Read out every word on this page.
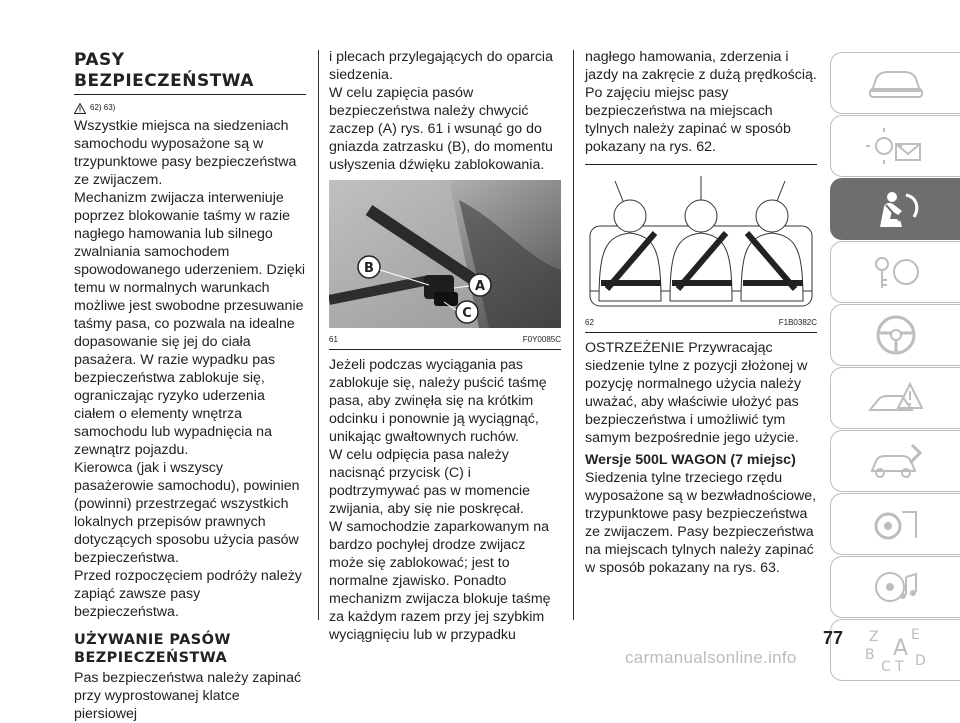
PASY
BEZPIECZEŃSTWA
62) 63)

Wszystkie miejsca na siedzeniach samochodu wyposażone są w trzypunktowe pasy bezpieczeństwa ze zwijaczem.

Mechanizm zwijacza interweniuje poprzez blokowanie taśmy w razie nagłego hamowania lub silnego zwalniania samochodem spowodowanego uderzeniem. Dzięki temu w normalnych warunkach możliwe jest swobodne przesuwanie taśmy pasa, co pozwala na idealne dopasowanie się jej do ciała pasażera. W razie wypadku pas bezpieczeństwa zablokuje się, ograniczając ryzyko uderzenia ciałem o elementy wnętrza samochodu lub wypadnięcia na zewnątrz pojazdu.

Kierowca (jak i wszyscy pasażerowie samochodu), powinien (powinni) przestrzegać wszystkich lokalnych przepisów prawnych dotyczących sposobu użycia pasów bezpieczeństwa.

Przed rozpoczęciem podróży należy zapiąć zawsze pasy bezpieczeństwa.

UŻYWANIE PASÓW
BEZPIECZEŃSTWA

Pas bezpieczeństwa należy zapinać przy wyprostowanej klatce piersiowej

i plecach przylegających do oparcia siedzenia.

W celu zapięcia pasów bezpieczeństwa należy chwycić zaczep (A) rys. 61 i wsunąć go do gniazda zatrzasku (B), do momentu usłyszenia dźwięku zablokowania.

B
A
C
61	F0Y0085C

Jeżeli podczas wyciągania pas zablokuje się, należy puścić taśmę pasa, aby zwinęła się na krótkim odcinku i ponownie ją wyciągnąć, unikając gwałtownych ruchów.

W celu odpięcia pasa należy nacisnąć przycisk (C) i podtrzymywać pas w momencie zwijania, aby się nie poskręcał.

W samochodzie zaparkowanym na bardzo pochyłej drodze zwijacz może się zablokować; jest to normalne zjawisko. Ponadto mechanizm zwijacza blokuje taśmę za każdym razem przy jej szybkim wyciągnięciu lub w przypadku

nagłego hamowania, zderzenia i jazdy na zakręcie z dużą prędkością.

Po zajęciu miejsc pasy bezpieczeństwa na miejscach tylnych należy zapinać w sposób pokazany na rys. 62.

62	F1B0382C

OSTRZEŻENIE Przywracając siedzenie tylne z pozycji złożonej w pozycję normalnego użycia należy uważać, aby właściwie ułożyć pas bezpieczeństwa i umożliwić tym samym bezpośrednie jego użycie.

Wersje 500L WAGON (7 miejsc)

Siedzenia tylne trzeciego rzędu wyposażone są w bezwładnościowe, trzypunktowe pasy bezpieczeństwa ze zwijaczem. Pasy bezpieczeństwa na miejscach tylnych należy zapinać w sposób pokazany na rys. 63.

Z E
B A
C T D
77
carmanualsonline.info
